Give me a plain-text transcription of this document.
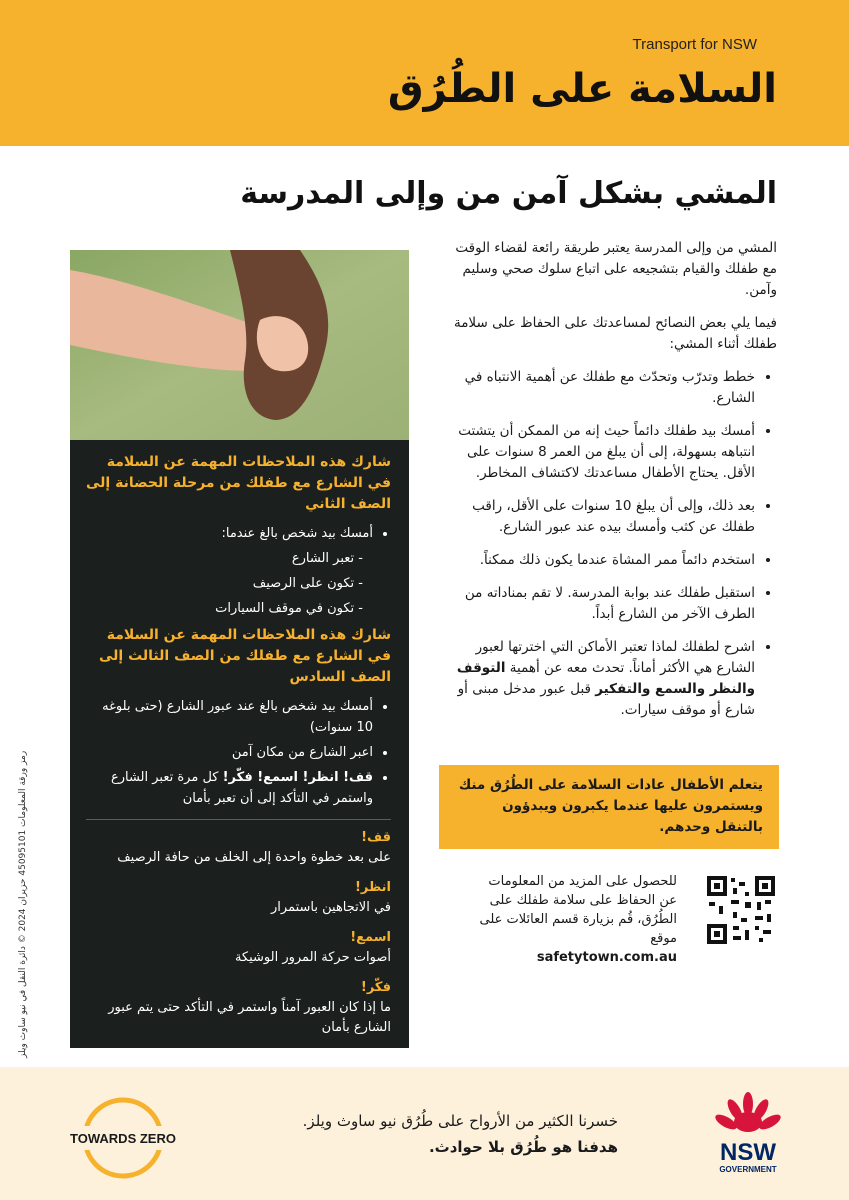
Transport for NSW
السلامة على الطُرُق
المشي بشكل آمن من وإلى المدرسة
شارك هذه الملاحظات المهمة عن السلامة في الشارع مع طفلك من مرحلة الحضانة إلى الصف الثاني
• أمسك بيد شخص بالغ عندما:
- تعبر الشارع
- تكون على الرصيف
- تكون في موقف السيارات
شارك هذه الملاحظات المهمة عن السلامة في الشارع مع طفلك من الصف الثالث إلى الصف السادس
• أمسك بيد شخص بالغ عند عبور الشارع (حتى بلوغه 10 سنوات)
• اعبر الشارع من مكان آمن
• قف! انظر! اسمع! فكّر! كل مرة تعبر الشارع واستمر في التأكد إلى أن تعبر بأمان
قف!
على بعد خطوة واحدة إلى الخلف من حافة الرصيف
انظر!
في الاتجاهين باستمرار
اسمع!
أصوات حركة المرور الوشيكة
فكّر!
ما إذا كان العبور آمناً واستمر في التأكد حتى يتم عبور الشارع بأمان

المشي من وإلى المدرسة يعتبر طريقة رائعة لقضاء الوقت مع طفلك والقيام بتشجيعه على اتباع سلوك صحي وسليم وآمن.

فيما يلي بعض النصائح لمساعدتك على الحفاظ على سلامة طفلك أثناء المشي:

• خطط وتدرّب وتحدّث مع طفلك عن أهمية الانتباه في الشارع.
• أمسك بيد طفلك دائماً حيث إنه من الممكن أن يتشتت انتباهه بسهولة، إلى أن يبلغ من العمر 8 سنوات على الأقل. يحتاج الأطفال مساعدتك لاكتشاف المخاطر.
• بعد ذلك، وإلى أن يبلغ 10 سنوات على الأقل، راقب طفلك عن كثب وأمسك بيده عند عبور الشارع.
• استخدم دائماً ممر المشاة عندما يكون ذلك ممكناً.
• استقبل طفلك عند بوابة المدرسة. لا تقم بمناداته من الطرف الآخر من الشارع أبداً.
• اشرح لطفلك لماذا تعتبر الأماكن التي اخترتها لعبور الشارع هي الأكثر أماناً. تحدث معه عن أهمية التوقف والنظر والسمع والتفكير قبل عبور مدخل مبنى أو شارع أو موقف سيارات.
يتعلم الأطفال عادات السلامة على الطُرُق منك ويستمرون عليها عندما يكبرون ويبدؤون بالتنقل وحدهم.
للحصول على المزيد من المعلومات عن الحفاظ على سلامة طفلك على الطُرُق، قُم بزيارة قسم العائلات على موقع
safetytown.com.au
رمز ورقة المعلومات 45095101 حزيران 2024 © دائرة النقل في نيو ساوث ويلز
TOWARDS ZERO
خسرنا الكثير من الأرواح على طُرُق نيو ساوث ويلز.
هدفنا هو طُرُق بلا حوادث.	NSW
GOVERNMENT
